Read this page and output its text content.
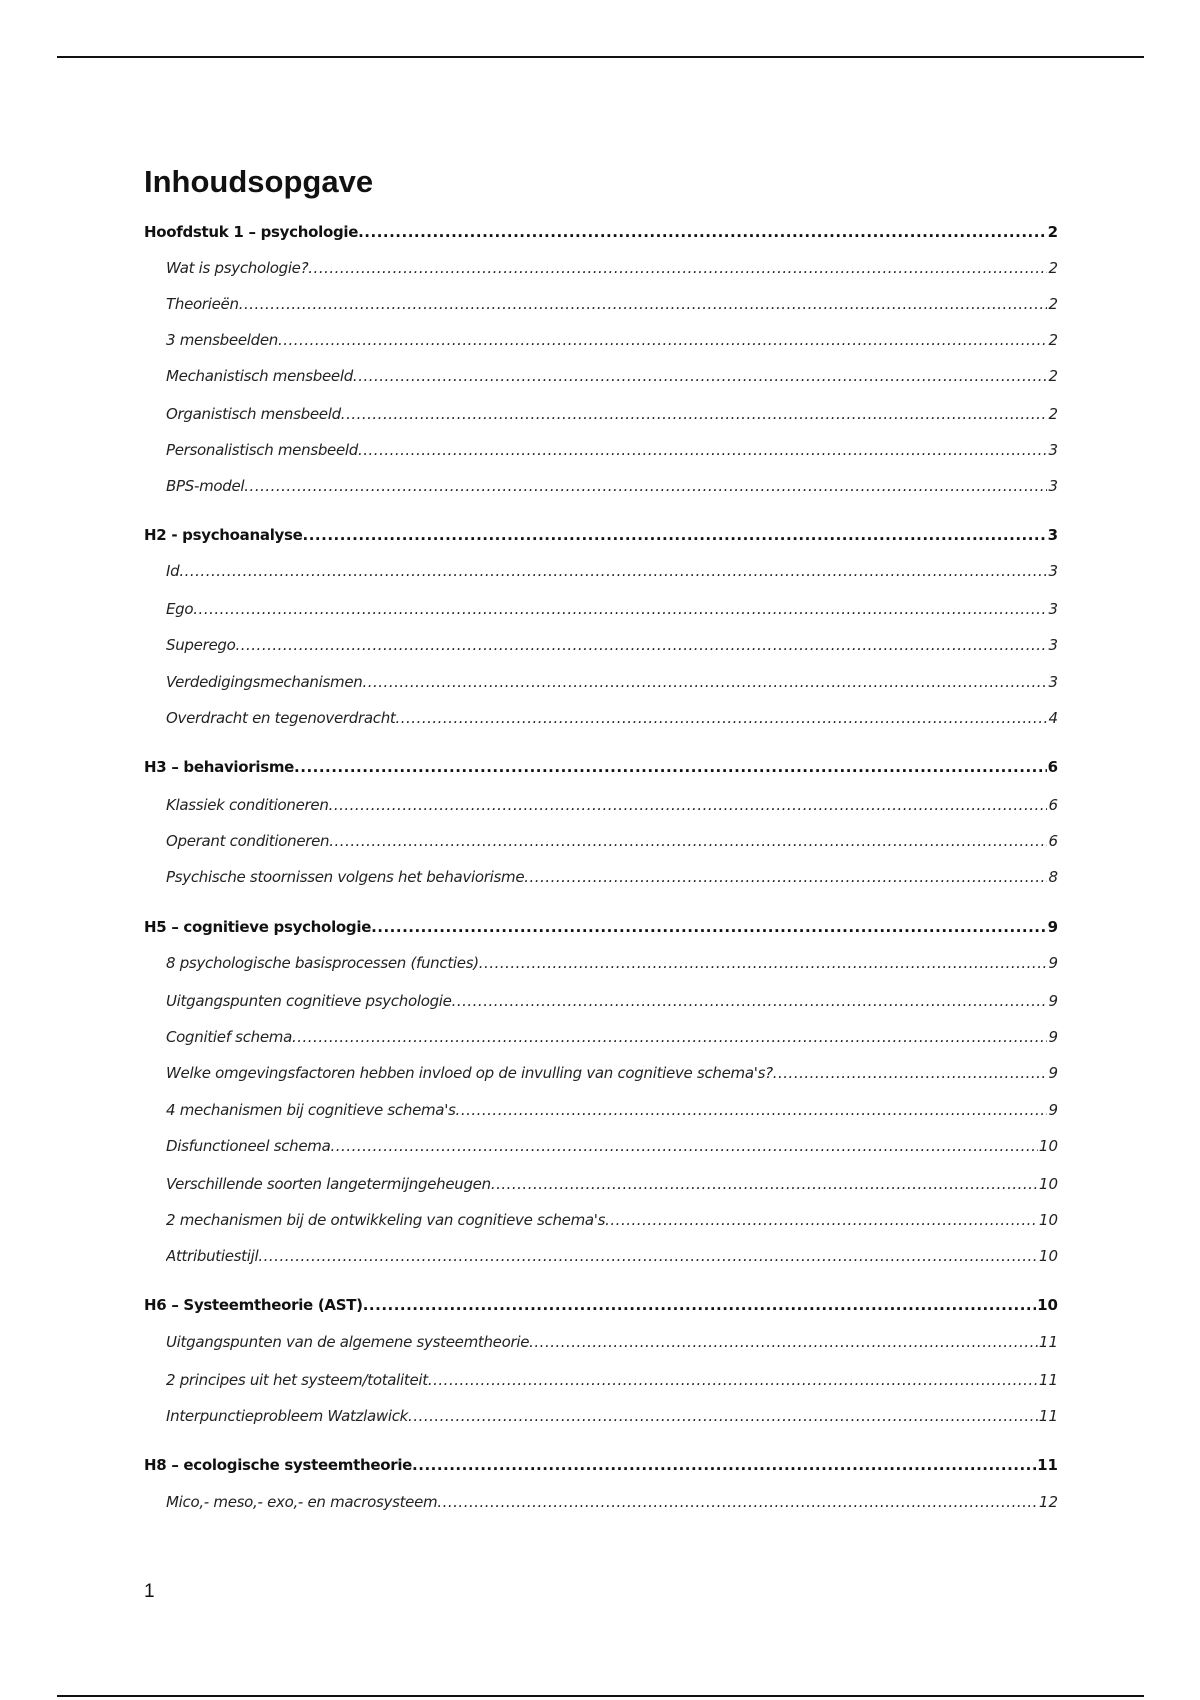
Inhoudsopgave
Hoofdstuk 1 – psychologie .....	2
Wat is psychologie? .....	2
Theorieën .....	2
3 mensbeelden .....	2
Mechanistisch mensbeeld .....	2
Organistisch mensbeeld .....	2
Personalistisch mensbeeld .....	3
BPS-model .....	3
H2 - psychoanalyse .....	3
Id .....	3
Ego .....	3
Superego .....	3
Verdedigingsmechanismen .....	3
Overdracht en tegenoverdracht .....	4
H3 – behaviorisme .....	6
Klassiek conditioneren .....	6
Operant conditioneren .....	6
Psychische stoornissen volgens het behaviorisme .....	8
H5 – cognitieve psychologie .....	9
8 psychologische basisprocessen (functies) .....	9
Uitgangspunten cognitieve psychologie .....	9
Cognitief schema .....	9
Welke omgevingsfactoren hebben invloed op de invulling van cognitieve schema's? .....	9
4 mechanismen bij cognitieve schema's .....	9
Disfunctioneel schema .....	10
Verschillende soorten langetermijngeheugen .....	10
2 mechanismen bij de ontwikkeling van cognitieve schema's .....	10
Attributiestijl .....	10
H6 – Systeemtheorie (AST) .....	10
Uitgangspunten van de algemene systeemtheorie .....	11
2 principes uit het systeem/totaliteit .....	11
Interpunctieprobleem Watzlawick .....	11
H8 – ecologische systeemtheorie .....	11
Mico,- meso,- exo,- en macrosysteem .....	12
1
